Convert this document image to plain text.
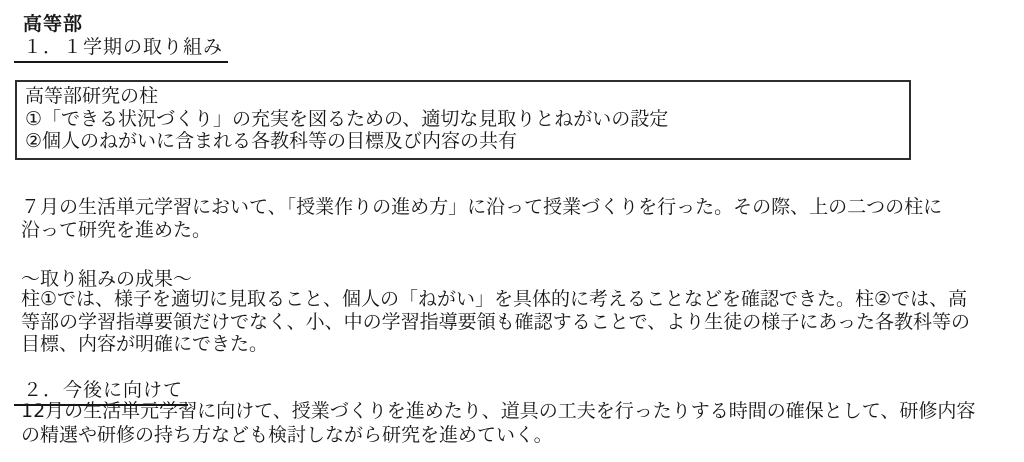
高等部
１．１学期の取り組み
高等部研究の柱
①「できる状況づくり」の充実を図るための、適切な見取りとねがいの設定
②個人のねがいに含まれる各教科等の目標及び内容の共有
７月の生活単元学習において、「授業作りの進め方」に沿って授業づくりを行った。その際、上の二つの柱に
沿って研究を進めた。
～取り組みの成果～
柱①では、様子を適切に見取ること、個人の「ねがい」を具体的に考えることなどを確認できた。柱②では、高
等部の学習指導要領だけでなく、小、中の学習指導要領も確認することで、より生徒の様子にあった各教科等の
目標、内容が明確にできた。
２．今後に向けて
12月の生活単元学習に向けて、授業づくりを進めたり、道具の工夫を行ったりする時間の確保として、研修内容
の精選や研修の持ち方なども検討しながら研究を進めていく。
